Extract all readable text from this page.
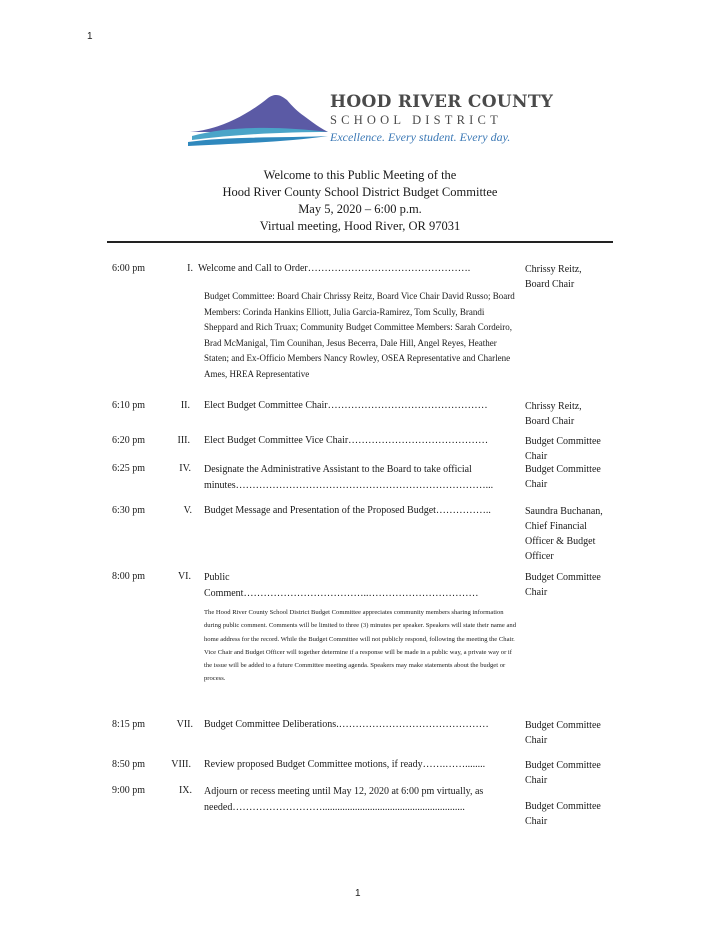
1
HOOD RIVER COUNTY
SCHOOL DISTRICT
Excellence. Every student. Every day.
Welcome to this Public Meeting of the
Hood River County School District Budget Committee
May 5, 2020 – 6:00 p.m.
Virtual meeting, Hood River, OR 97031
6:00 pm	I. Welcome and Call to Order………………………………………….	Chrissy Reitz,
Board Chair
Budget Committee: Board Chair Chrissy Reitz, Board Vice Chair David Russo; Board Members: Corinda Hankins Elliott, Julia Garcia-Ramirez, Tom Scully, Brandi Sheppard and Rich Truax; Community Budget Committee Members: Sarah Cordeiro, Brad McManigal, Tim Counihan, Jesus Becerra, Dale Hill, Angel Reyes, Heather Staten; and Ex-Officio Members Nancy Rowley, OSEA Representative and Charlene Ames, HREA Representative
6:10 pm	II. Elect Budget Committee Chair…………………………………………	Chrissy Reitz,
Board Chair
6:20 pm	III. Elect Budget Committee Vice Chair……………………………………	Budget Committee
Chair
6:25 pm	IV. Designate the Administrative Assistant to the Board to take official
minutes…………………………………………………………………...
Budget Committee
Chair
6:30 pm	V. Budget Message and Presentation of the Proposed Budget……………..	Saundra Buchanan,
Chief Financial
Officer & Budget
Officer
8:00 pm	VI. Public
Comment………………………………..……………………………
Budget Committee
Chair
The Hood River County School District Budget Committee appreciates community members sharing information during public comment. Comments will be limited to three (3) minutes per speaker. Speakers will state their name and home address for the record. While the Budget Committee will not publicly respond, following the meeting the Chair. Vice Chair and Budget Officer will together determine if a response will be made in a public way, a private way or if the issue will be added to a future Committee meeting agenda. Speakers may make statements about the budget or process.
8:15 pm	VII. Budget Committee Deliberations.………………………………………	Budget Committee
Chair
8:50 pm	VIII. Review proposed Budget Committee motions, if ready…….……........	Budget Committee
Chair
9:00 pm	IX. Adjourn or recess meeting until May 12, 2020 at 6:00 pm virtually, as
needed……………………….........................................................	Budget Committee
Chair
1
